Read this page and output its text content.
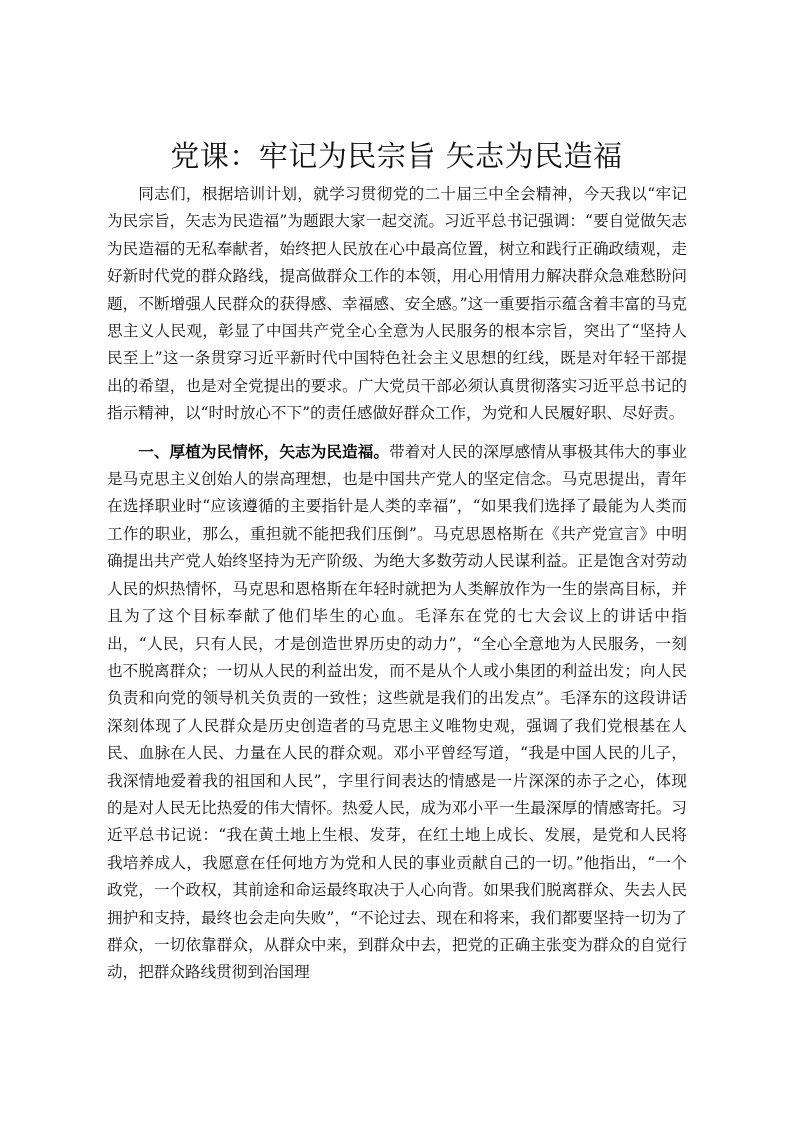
党课：牢记为民宗旨 矢志为民造福

同志们，根据培训计划，就学习贯彻党的二十届三中全会精神，今天我以“牢记为民宗旨，矢志为民造福”为题跟大家一起交流。习近平总书记强调：“要自觉做矢志为民造福的无私奉献者，始终把人民放在心中最高位置，树立和践行正确政绩观，走好新时代党的群众路线，提高做群众工作的本领，用心用情用力解决群众急难愁盼问题，不断增强人民群众的获得感、幸福感、安全感。”这一重要指示蕴含着丰富的马克思主义人民观，彰显了中国共产党全心全意为人民服务的根本宗旨，突出了“坚持人民至上”这一条贯穿习近平新时代中国特色社会主义思想的红线，既是对年轻干部提出的希望，也是对全党提出的要求。广大党员干部必须认真贯彻落实习近平总书记的指示精神，以“时时放心不下”的责任感做好群众工作，为党和人民履好职、尽好责。

一、厚植为民情怀，矢志为民造福。带着对人民的深厚感情从事极其伟大的事业是马克思主义创始人的崇高理想，也是中国共产党人的坚定信念。马克思提出，青年在选择职业时“应该遵循的主要指针是人类的幸福”，“如果我们选择了最能为人类而工作的职业，那么，重担就不能把我们压倒”。马克思恩格斯在《共产党宣言》中明确提出共产党人始终坚持为无产阶级、为绝大多数劳动人民谋利益。正是饱含对劳动人民的炽热情怀，马克思和恩格斯在年轻时就把为人类解放作为一生的崇高目标，并且为了这个目标奉献了他们毕生的心血。毛泽东在党的七大会议上的讲话中指出，“人民，只有人民，才是创造世界历史的动力”，“全心全意地为人民服务，一刻也不脱离群众；一切从人民的利益出发，而不是从个人或小集团的利益出发；向人民负责和向党的领导机关负责的一致性；这些就是我们的出发点”。毛泽东的这段讲话深刻体现了人民群众是历史创造者的马克思主义唯物史观，强调了我们党根基在人民、血脉在人民、力量在人民的群众观。邓小平曾经写道，“我是中国人民的儿子，我深情地爱着我的祖国和人民”，字里行间表达的情感是一片深深的赤子之心，体现的是对人民无比热爱的伟大情怀。热爱人民，成为邓小平一生最深厚的情感寄托。习近平总书记说：“我在黄土地上生根、发芽，在红土地上成长、发展，是党和人民将我培养成人，我愿意在任何地方为党和人民的事业贡献自己的一切。”他指出，“一个政党，一个政权，其前途和命运最终取决于人心向背。如果我们脱离群众、失去人民拥护和支持，最终也会走向失败”，“不论过去、现在和将来，我们都要坚持一切为了群众，一切依靠群众，从群众中来，到群众中去，把党的正确主张变为群众的自觉行动，把群众路线贯彻到治国理
